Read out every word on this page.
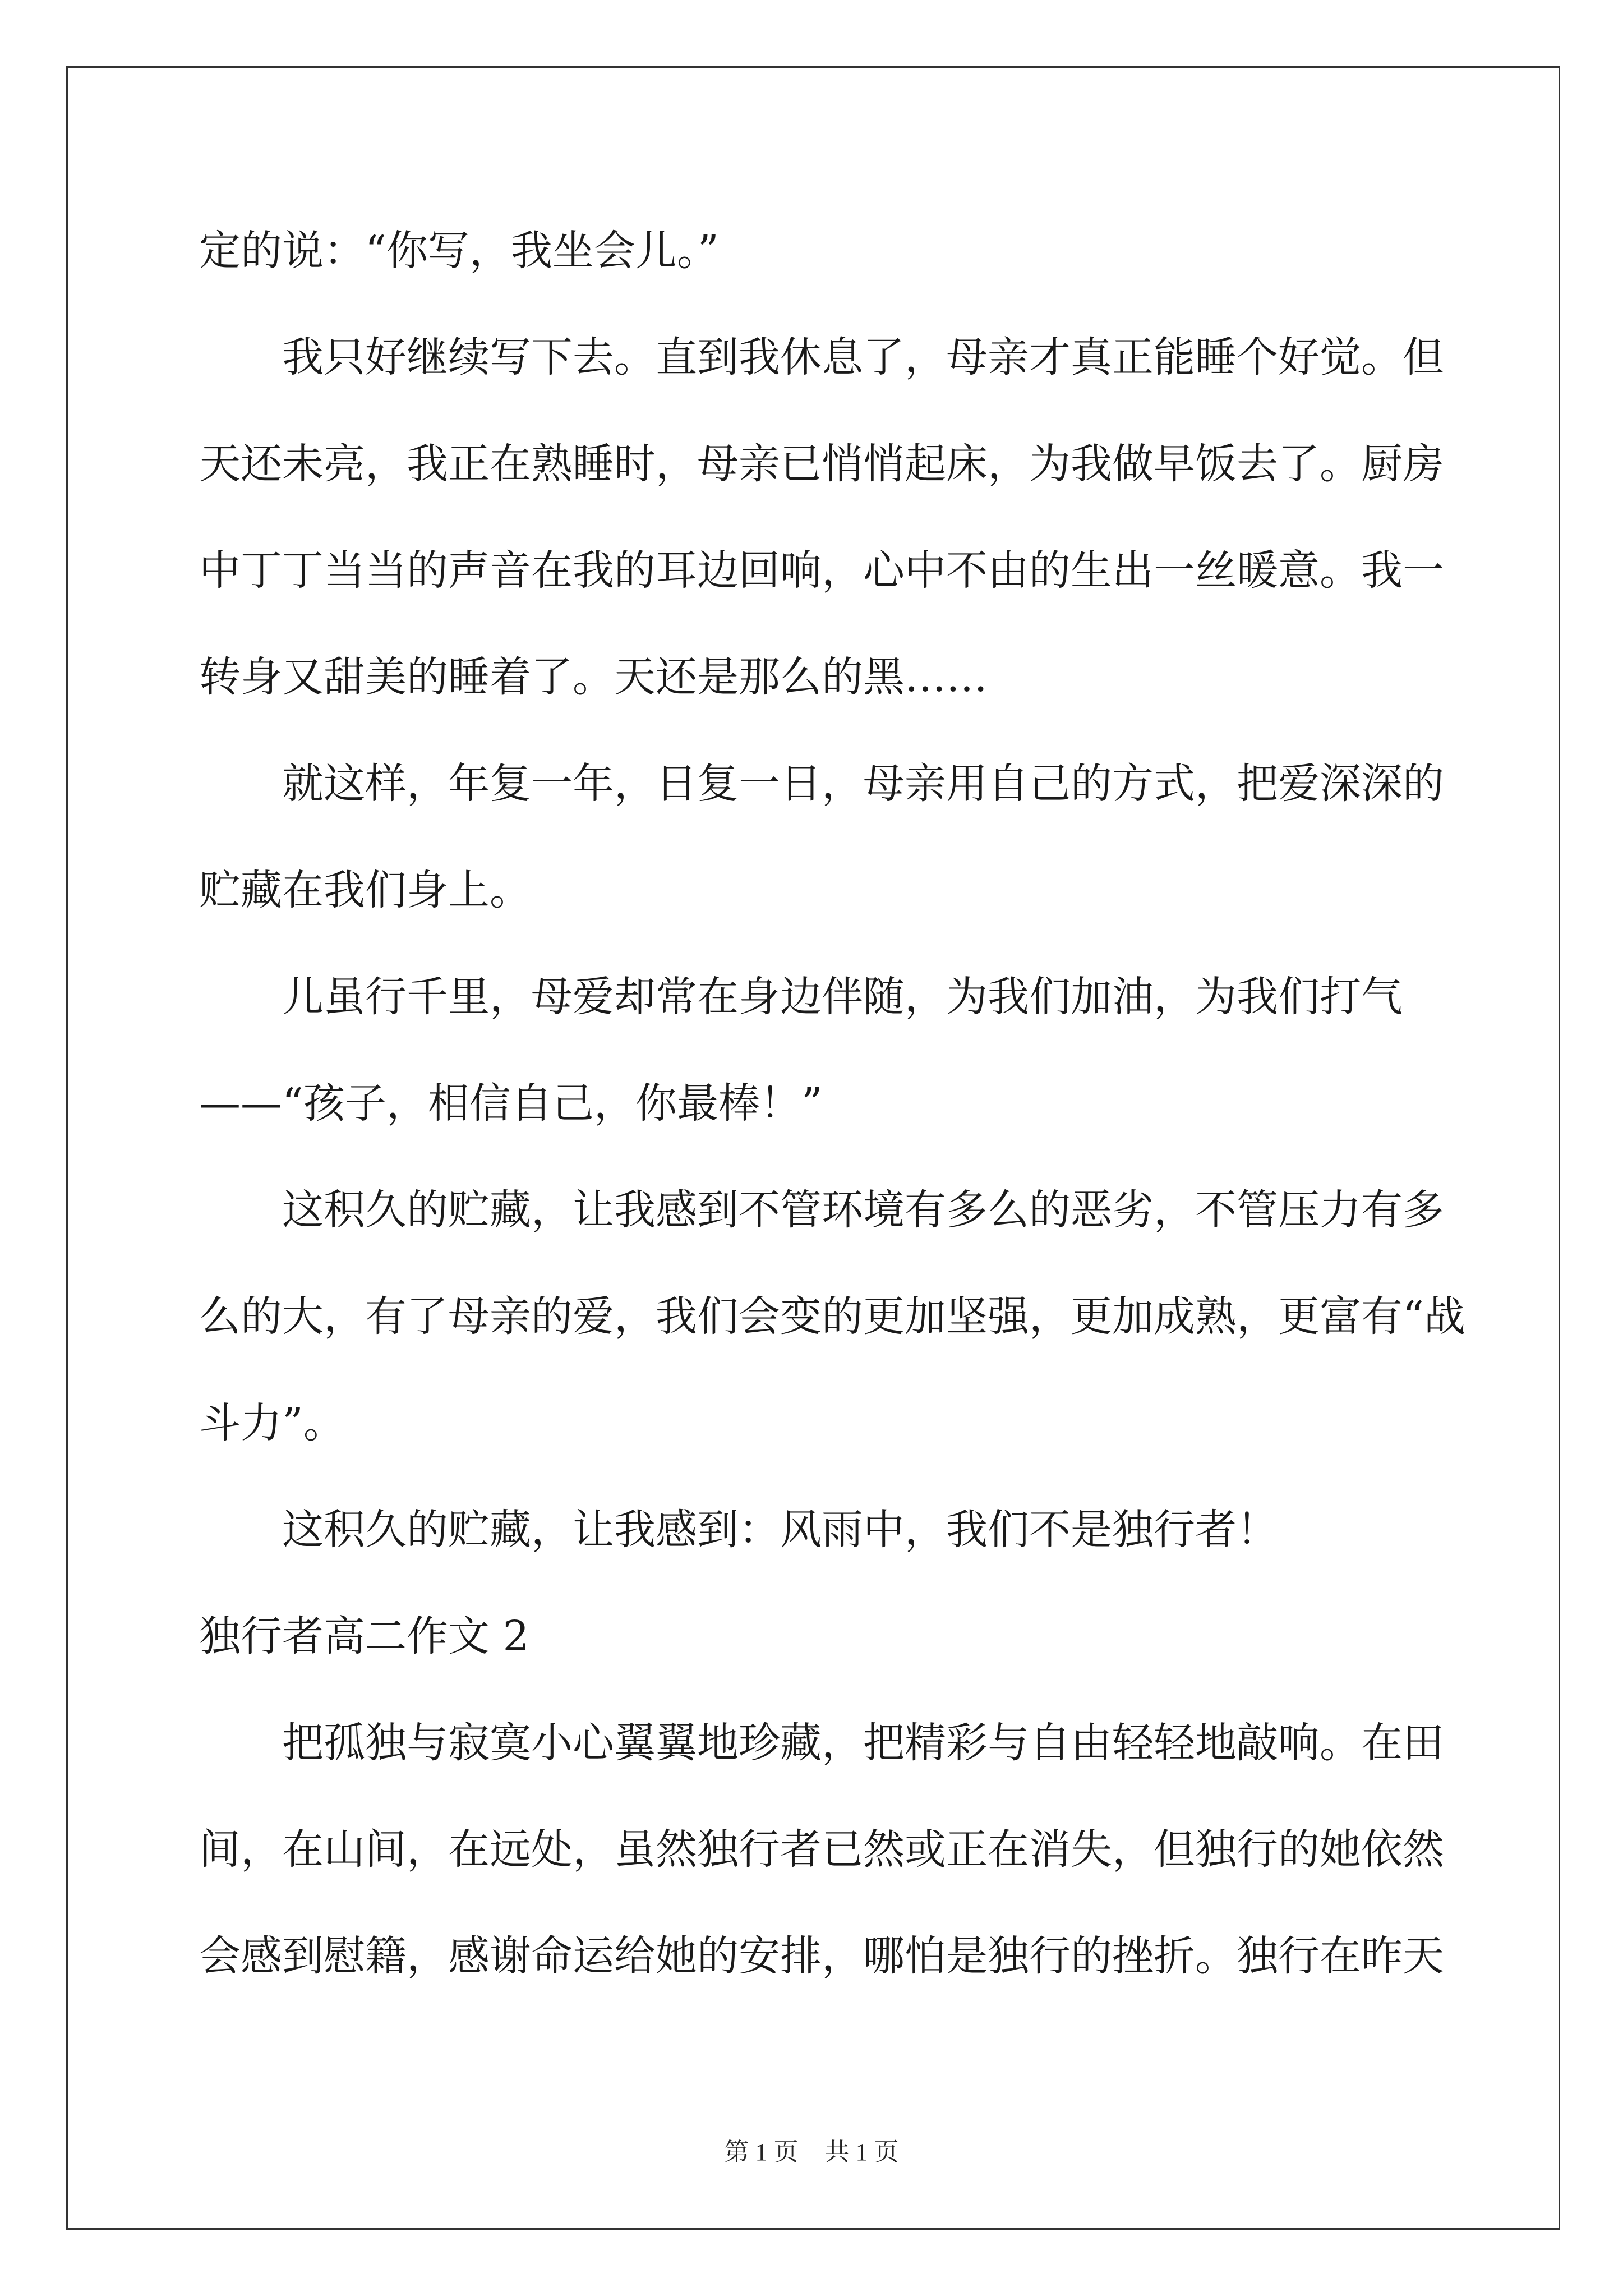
定的说：“你写，我坐会儿。”
我只好继续写下去。直到我休息了，母亲才真正能睡个好觉。但
天还未亮，我正在熟睡时，母亲已悄悄起床，为我做早饭去了。厨房
中丁丁当当的声音在我的耳边回响，心中不由的生出一丝暖意。我一
转身又甜美的睡着了。天还是那么的黑……
就这样，年复一年，日复一日，母亲用自己的方式，把爱深深的
贮藏在我们身上。
儿虽行千里，母爱却常在身边伴随，为我们加油，为我们打气
——“孩子，相信自己，你最棒！”
这积久的贮藏，让我感到不管环境有多么的恶劣，不管压力有多
么的大，有了母亲的爱，我们会变的更加坚强，更加成熟，更富有“战
斗力”。
这积久的贮藏，让我感到：风雨中，我们不是独行者！
独行者高二作文 2
把孤独与寂寞小心翼翼地珍藏，把精彩与自由轻轻地敲响。在田
间，在山间，在远处，虽然独行者已然或正在消失，但独行的她依然
会感到慰籍，感谢命运给她的安排，哪怕是独行的挫折。独行在昨天
第 1 页 共 1 页
